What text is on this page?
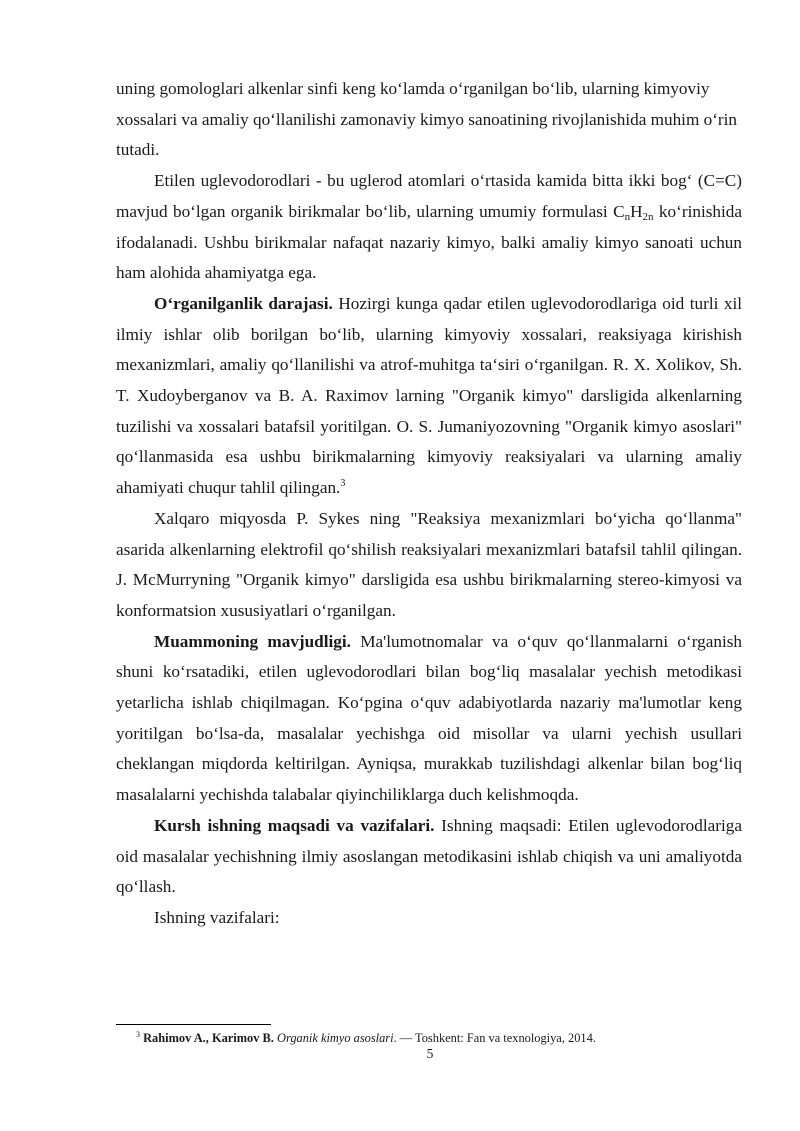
uning gomologlari alkenlar sinfi keng ko‘lamda o‘rganilgan bo‘lib, ularning kimyoviy xossalari va amaliy qo‘llanilishi zamonaviy kimyo sanoatining rivojlanishida muhim o‘rin tutadi.

Etilen uglevodorodlari - bu uglerod atomlari o‘rtasida kamida bitta ikki bog‘ (C=C) mavjud bo‘lgan organik birikmalar bo‘lib, ularning umumiy formulasi $C_nH_{2n}$ ko‘rinishida ifodalanadi. Ushbu birikmalar nafaqat nazariy kimyo, balki amaliy kimyo sanoati uchun ham alohida ahamiyatga ega.

O‘rganilganlik darajasi. Hozirgi kunga qadar etilen uglevodorodlariga oid turli xil ilmiy ishlar olib borilgan bo‘lib, ularning kimyoviy xossalari, reaksiyaga kirishish mexanizmlari, amaliy qo‘llanilishi va atrof-muhitga ta‘siri o‘rganilgan. R. X. Xolikov, Sh. T. Xudoyberganov va B. A. Raximov larning "Organik kimyo" darsligida alkenlarning tuzilishi va xossalari batafsil yoritilgan. O. S. Jumaniyozovning "Organik kimyo asoslari" qo‘llanmasida esa ushbu birikmalarning kimyoviy reaksiyalari va ularning amaliy ahamiyati chuqur tahlil qilingan.$^3$

Xalqaro miqyosda P. Sykes ning "Reaksiya mexanizmlari bo‘yicha qo‘llanma" asarida alkenlarning elektrofil qo‘shilish reaksiyalari mexanizmlari batafsil tahlil qilingan. J. McMurryning "Organik kimyo" darsligida esa ushbu birikmalarning stereo-kimyosi va konformatsion xususiyatlari o‘rganilgan.

Muammoning mavjudligi. Ma'lumotnomalar va o‘quv qo‘llanmalarni o‘rganish shuni ko‘rsatadiki, etilen uglevodorodlari bilan bog‘liq masalalar yechish metodikasi yetarlicha ishlab chiqilmagan. Ko‘pgina o‘quv adabiyotlarda nazariy ma'lumotlar keng yoritilgan bo‘lsa-da, masalalar yechishga oid misollar va ularni yechish usullari cheklangan miqdorda keltirilgan. Ayniqsa, murakkab tuzilishdagi alkenlar bilan bog‘liq masalalarni yechishda talabalar qiyinchiliklarga duch kelishmoqda.

Kursh ishning maqsadi va vazifalari. Ishning maqsadi: Etilen uglevodorodlariga oid masalalar yechishning ilmiy asoslangan metodikasini ishlab chiqish va uni amaliyotda qo‘llash.

Ishning vazifalari:

$^3$ Rahimov A., Karimov B. Organik kimyo asoslari. — Toshkent: Fan va texnologiya, 2014.
5
